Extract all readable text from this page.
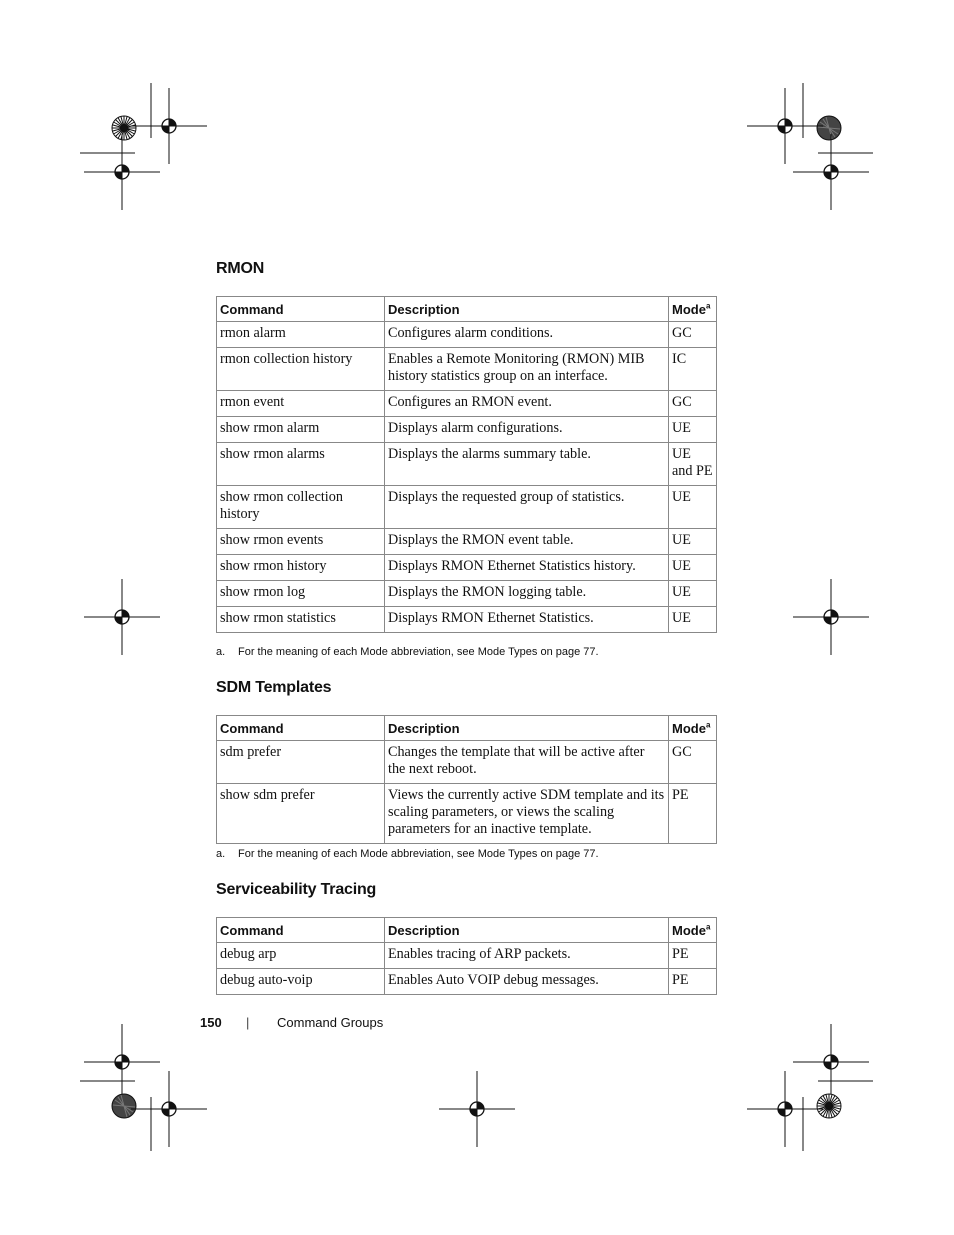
RMON
SDM Templates
Serviceability Tracing
Command	Description	Mode$^a$
rmon alarm	Configures alarm conditions.	GC
rmon collection history	Enables a Remote Monitoring (RMON) MIB history statistics group on an interface.	IC
rmon event	Configures an RMON event.	GC
show rmon alarm	Displays alarm configurations.	UE
show rmon alarms	Displays the alarms summary table.	UE and PE
show rmon collection history	Displays the requested group of statistics.	UE
show rmon events	Displays the RMON event table.	UE
show rmon history	Displays RMON Ethernet Statistics history.	UE
show rmon log	Displays the RMON logging table.	UE
show rmon statistics	Displays RMON Ethernet Statistics.	UE
a. For the meaning of each Mode abbreviation, see Mode Types on page 77.
Command	Description	Mode$^a$
sdm prefer	Changes the template that will be active after the next reboot.	GC
show sdm prefer	Views the currently active SDM template and its scaling parameters, or views the scaling parameters for an inactive template.	PE
a. For the meaning of each Mode abbreviation, see Mode Types on page 77.
Command	Description	Mode$^a$
debug arp	Enables tracing of ARP packets.	PE
debug auto-voip	Enables Auto VOIP debug messages.	PE
150 | Command Groups
